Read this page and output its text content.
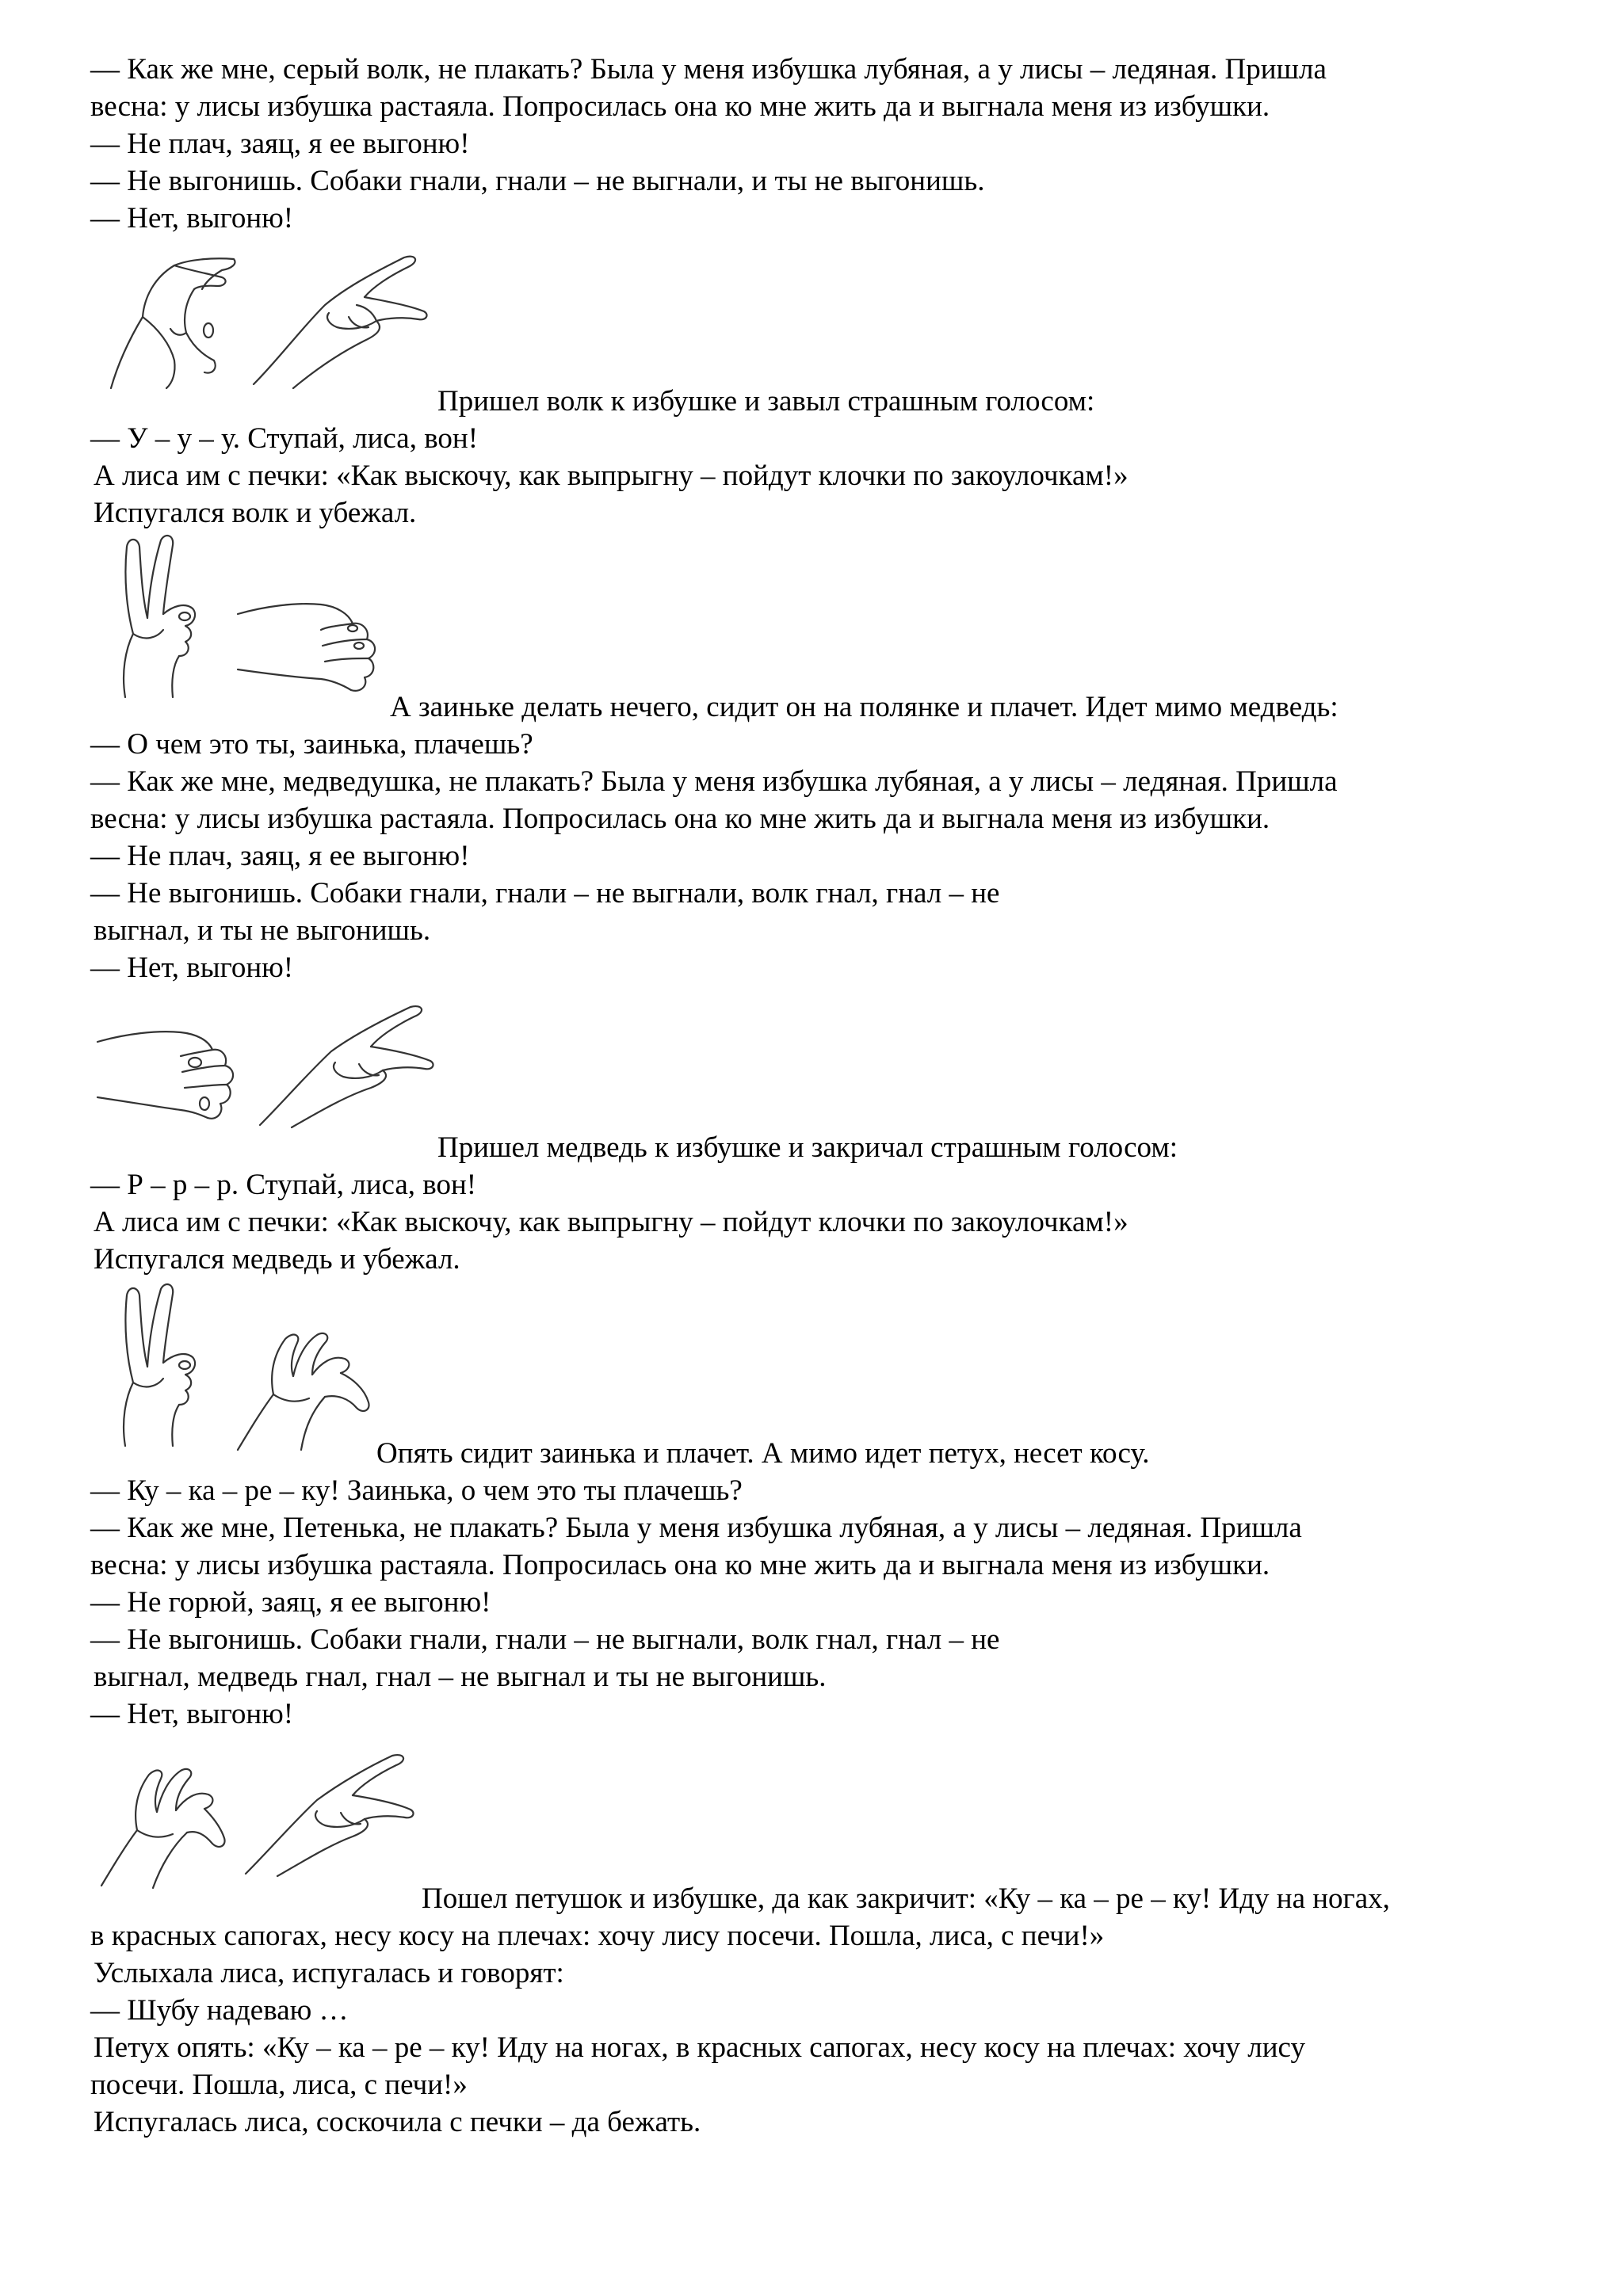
— Как же мне, серый волк, не плакать? Была у меня избушка лубяная, а у лисы – ледяная. Пришла
весна: у лисы избушка растаяла. Попросилась она ко мне жить да и выгнала меня из избушки.
— Не плач, заяц, я ее выгоню!
— Не выгонишь. Собаки гнали, гнали – не выгнали, и ты не выгонишь.
— Нет, выгоню!
Пришел волк к избушке и завыл страшным голосом:
— У – у – у. Ступай, лиса, вон!
А лиса им с печки: «Как выскочу, как выпрыгну – пойдут клочки по закоулочкам!»
Испугался волк и убежал.
А заиньке делать нечего, сидит он на полянке и плачет. Идет мимо медведь:
— О чем это ты, заинька, плачешь?
— Как же мне, медведушка, не плакать? Была у меня избушка лубяная, а у лисы – ледяная. Пришла
весна: у лисы избушка растаяла. Попросилась она ко мне жить да и выгнала меня из избушки.
— Не плач, заяц, я ее выгоню!
— Не выгонишь. Собаки гнали, гнали – не выгнали, волк гнал, гнал – не
выгнал, и ты не выгонишь.
— Нет, выгоню!
Пришел медведь к избушке и закричал страшным голосом:
— Р – р – р. Ступай, лиса, вон!
А лиса им с печки: «Как выскочу, как выпрыгну – пойдут клочки по закоулочкам!»
Испугался медведь и убежал.
Опять сидит заинька и плачет. А мимо идет петух, несет косу.
— Ку – ка – ре – ку! Заинька, о чем это ты плачешь?
— Как же мне, Петенька, не плакать? Была у меня избушка лубяная, а у лисы – ледяная. Пришла
весна: у лисы избушка растаяла. Попросилась она ко мне жить да и выгнала меня из избушки.
— Не горюй, заяц, я ее выгоню!
— Не выгонишь. Собаки гнали, гнали – не выгнали, волк гнал, гнал – не
выгнал, медведь гнал, гнал – не выгнал и ты не выгонишь.
— Нет, выгоню!
Пошел петушок и избушке, да как закричит: «Ку – ка – ре – ку! Иду на ногах,
в красных сапогах, несу косу на плечах: хочу лису посечи. Пошла, лиса, с печи!»
Услыхала лиса, испугалась и говорят:
— Шубу надеваю …
Петух опять: «Ку – ка – ре – ку! Иду на ногах, в красных сапогах, несу косу на плечах: хочу лису
посечи. Пошла, лиса, с печи!»
Испугалась лиса, соскочила с печки – да бежать.
